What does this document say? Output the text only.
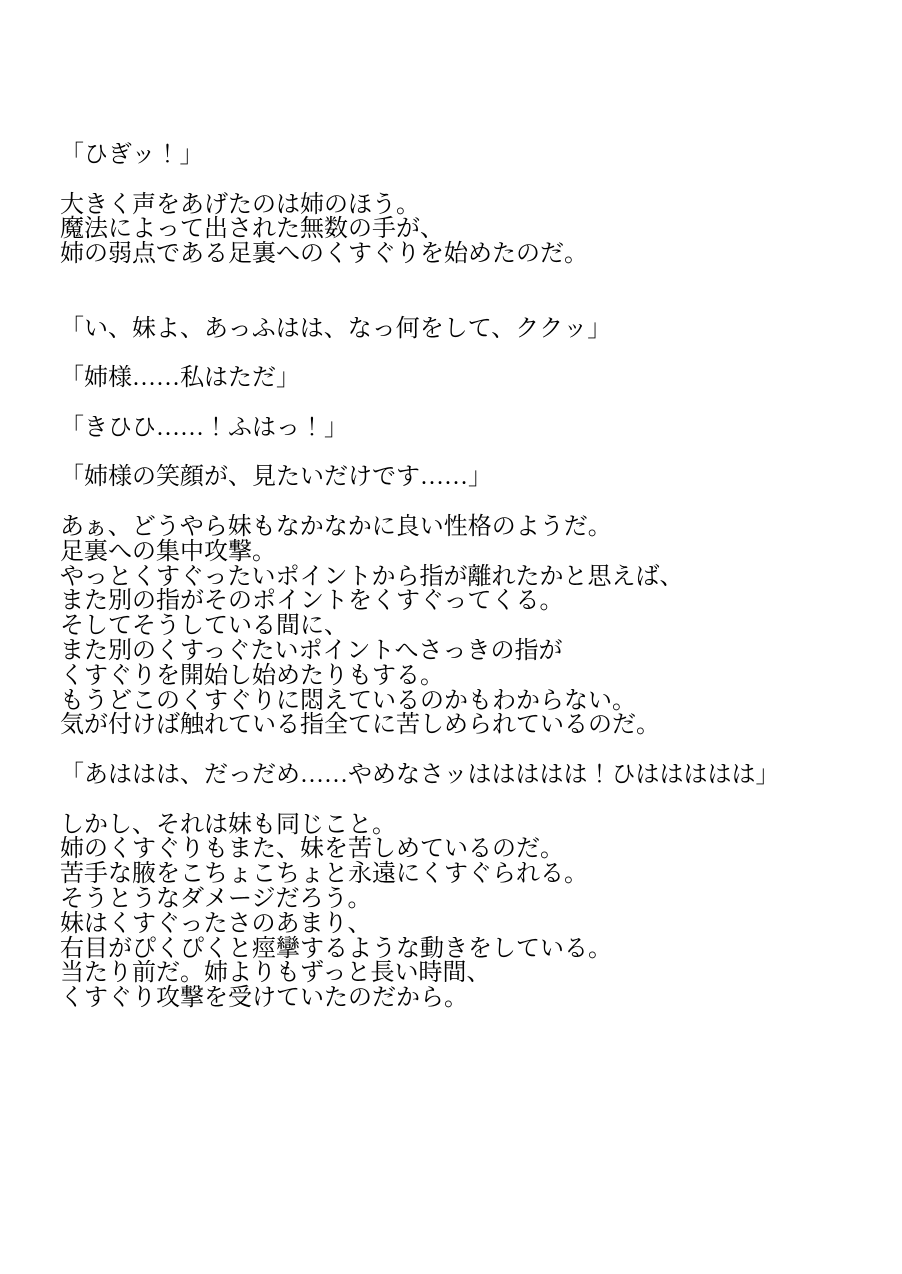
「ひぎッ！」
大きく声をあげたのは姉のほう。
魔法によって出された無数の手が、
姉の弱点である足裏へのくすぐりを始めたのだ。
「い、妹よ、あっふはは、なっ何をして、ククッ」
「姉様……私はただ」
「きひひ……！ふはっ！」
「姉様の笑顔が、見たいだけです……」
あぁ、どうやら妹もなかなかに良い性格のようだ。
足裏への集中攻撃。
やっとくすぐったいポイントから指が離れたかと思えば、
また別の指がそのポイントをくすぐってくる。
そしてそうしている間に、
また別のくすっぐたいポイントへさっきの指が
くすぐりを開始し始めたりもする。
もうどこのくすぐりに悶えているのかもわからない。
気が付けば触れている指全てに苦しめられているのだ。
「あははは、だっだめ……やめなさッははははは！ひははははは」
しかし、それは妹も同じこと。
姉のくすぐりもまた、妹を苦しめているのだ。
苦手な腋をこちょこちょと永遠にくすぐられる。
そうとうなダメージだろう。
妹はくすぐったさのあまり、
右目がぴくぴくと痙攣するような動きをしている。
当たり前だ。姉よりもずっと長い時間、
くすぐり攻撃を受けていたのだから。
